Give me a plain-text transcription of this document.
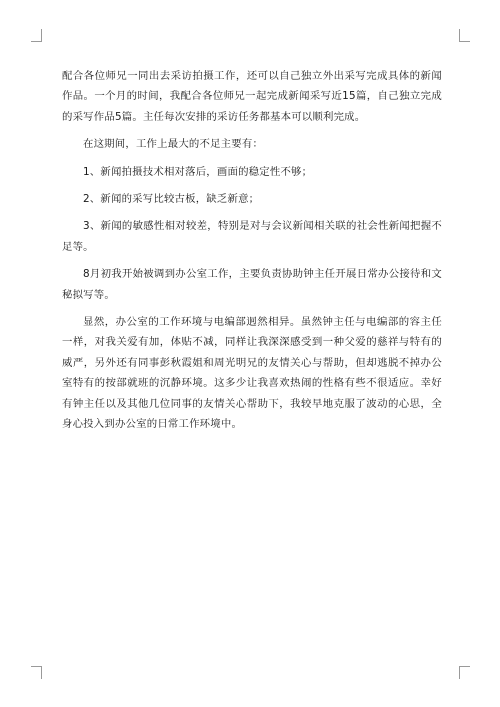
配合各位师兄一同出去采访拍摄工作，还可以自己独立外出采写完成具体的新闻作品。一个月的时间，我配合各位师兄一起完成新闻采写近15篇，自己独立完成的采写作品5篇。主任每次安排的采访任务都基本可以顺利完成。

在这期间，工作上最大的不足主要有：

1、新闻拍摄技术相对落后，画面的稳定性不够；

2、新闻的采写比较古板，缺乏新意；

3、新闻的敏感性相对较差，特别是对与会议新闻相关联的社会性新闻把握不足等。

8月初我开始被调到办公室工作，主要负责协助钟主任开展日常办公接待和文秘拟写等。

显然，办公室的工作环境与电编部迥然相异。虽然钟主任与电编部的容主任一样，对我关爱有加，体贴不减，同样让我深深感受到一种父爱的慈祥与特有的威严，另外还有同事彭秋霞姐和周光明兄的友情关心与帮助，但却逃脱不掉办公室特有的按部就班的沉静环境。这多少让我喜欢热闹的性格有些不很适应。幸好有钟主任以及其他几位同事的友情关心帮助下，我较早地克服了波动的心思，全身心投入到办公室的日常工作环境中。
